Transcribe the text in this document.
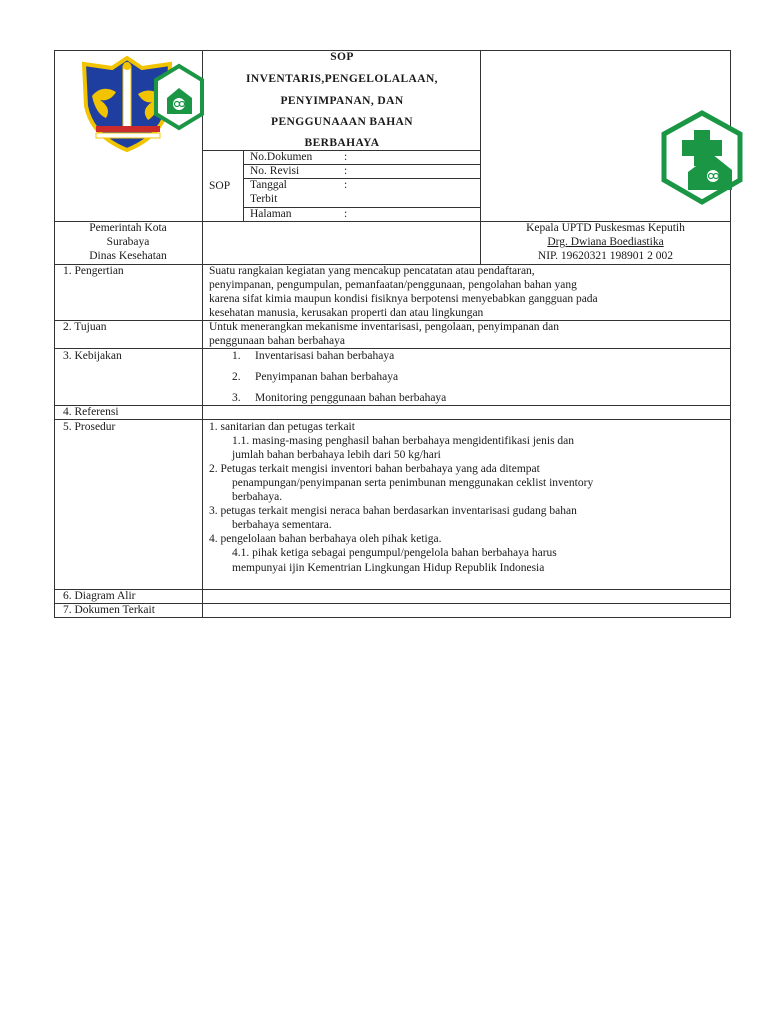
SOP
INVENTARIS,PENGELOLALAAN,
PENYIMPANAN, DAN
PENGGUNAAAN BAHAN
BERBAHAYA
SOP
No.Dokumen	:
No. Revisi	:
Tanggal	:
Terbit
Halaman	:
Pemerintah Kota
Surabaya
Dinas Kesehatan
Kepala UPTD Puskesmas Keputih
Drg. Dwiana Boediastika
NIP. 19620321 198901 2 002
1. Pengertian	Suatu rangkaian kegiatan yang mencakup pencatatan atau pendaftaran,
penyimpanan, pengumpulan, pemanfaatan/penggunaan, pengolahan bahan yang
karena sifat kimia maupun kondisi fisiknya berpotensi menyebabkan gangguan pada
kesehatan manusia, kerusakan properti dan atau lingkungan
2. Tujuan	Untuk menerangkan mekanisme inventarisasi, pengolaan, penyimpanan dan
penggunaan bahan berbahaya
3. Kebijakan	1. Inventarisasi bahan berbahaya
2. Penyimpanan bahan berbahaya
3. Monitoring penggunaan bahan berbahaya
4. Referensi
5. Prosedur	1. sanitarian dan petugas terkait
1.1. masing-masing penghasil bahan berbahaya mengidentifikasi jenis dan
jumlah bahan berbahaya lebih dari 50 kg/hari
2. Petugas terkait mengisi inventori bahan berbahaya yang ada ditempat
penampungan/penyimpanan serta penimbunan menggunakan ceklist inventory
berbahaya.
3. petugas terkait mengisi neraca bahan berdasarkan inventarisasi gudang bahan
berbahaya sementara.
4. pengelolaan bahan berbahaya oleh pihak ketiga.
4.1. pihak ketiga sebagai pengumpul/pengelola bahan berbahaya harus
mempunyai ijin Kementrian Lingkungan Hidup Republik Indonesia
6. Diagram Alir
7. Dokumen Terkait
